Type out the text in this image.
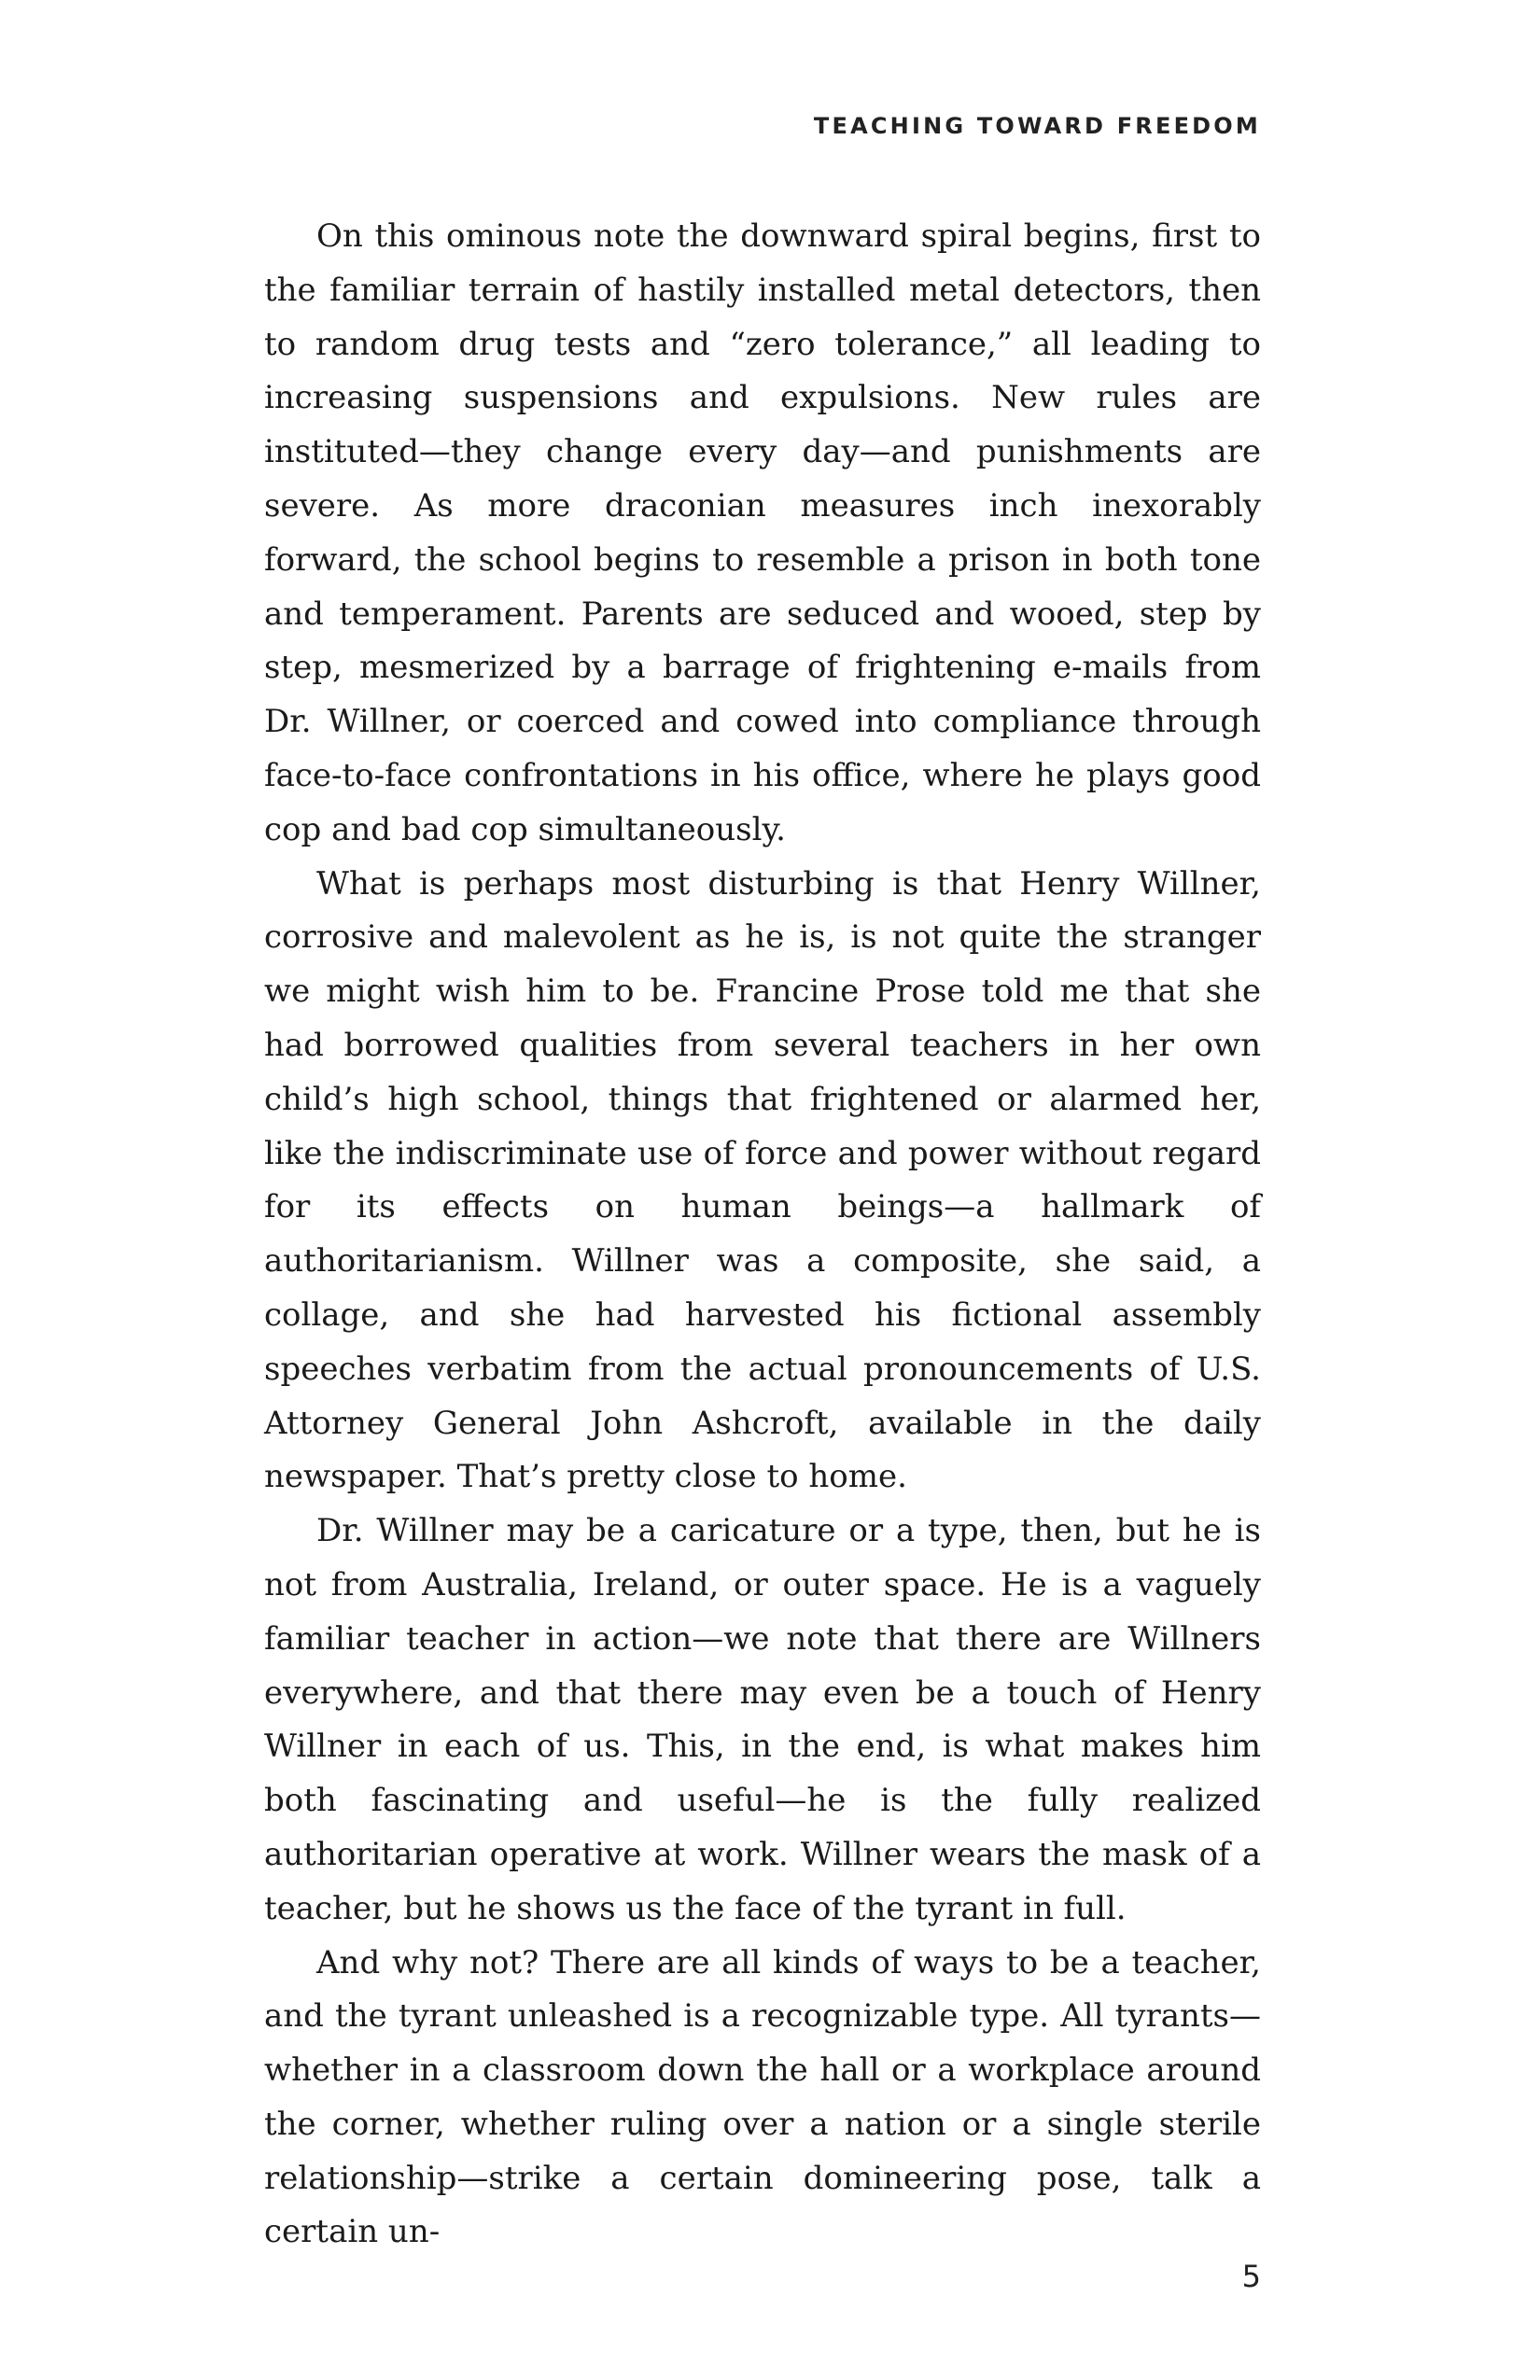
TEACHING TOWARD FREEDOM

On this ominous note the downward spiral begins, first to the familiar terrain of hastily installed metal detectors, then to random drug tests and “zero tolerance,” all leading to increasing suspensions and expulsions. New rules are instituted—they change every day—and punishments are severe. As more draconian measures inch inexorably forward, the school begins to resemble a prison in both tone and temperament. Parents are seduced and wooed, step by step, mesmerized by a barrage of frightening e-mails from Dr. Willner, or coerced and cowed into compliance through face-to-face confrontations in his office, where he plays good cop and bad cop simultaneously.

What is perhaps most disturbing is that Henry Willner, corrosive and malevolent as he is, is not quite the stranger we might wish him to be. Francine Prose told me that she had borrowed qualities from several teachers in her own child’s high school, things that frightened or alarmed her, like the indiscriminate use of force and power without regard for its effects on human beings—a hallmark of authoritarianism. Willner was a composite, she said, a collage, and she had harvested his fictional assembly speeches verbatim from the actual pronouncements of U.S. Attorney General John Ashcroft, available in the daily newspaper. That’s pretty close to home.

Dr. Willner may be a caricature or a type, then, but he is not from Australia, Ireland, or outer space. He is a vaguely familiar teacher in action—we note that there are Willners everywhere, and that there may even be a touch of Henry Willner in each of us. This, in the end, is what makes him both fascinating and useful—he is the fully realized authoritarian operative at work. Willner wears the mask of a teacher, but he shows us the face of the tyrant in full.

And why not? There are all kinds of ways to be a teacher, and the tyrant unleashed is a recognizable type. All tyrants—whether in a classroom down the hall or a workplace around the corner, whether ruling over a nation or a single sterile relationship—strike a certain domineering pose, talk a certain un-

5
